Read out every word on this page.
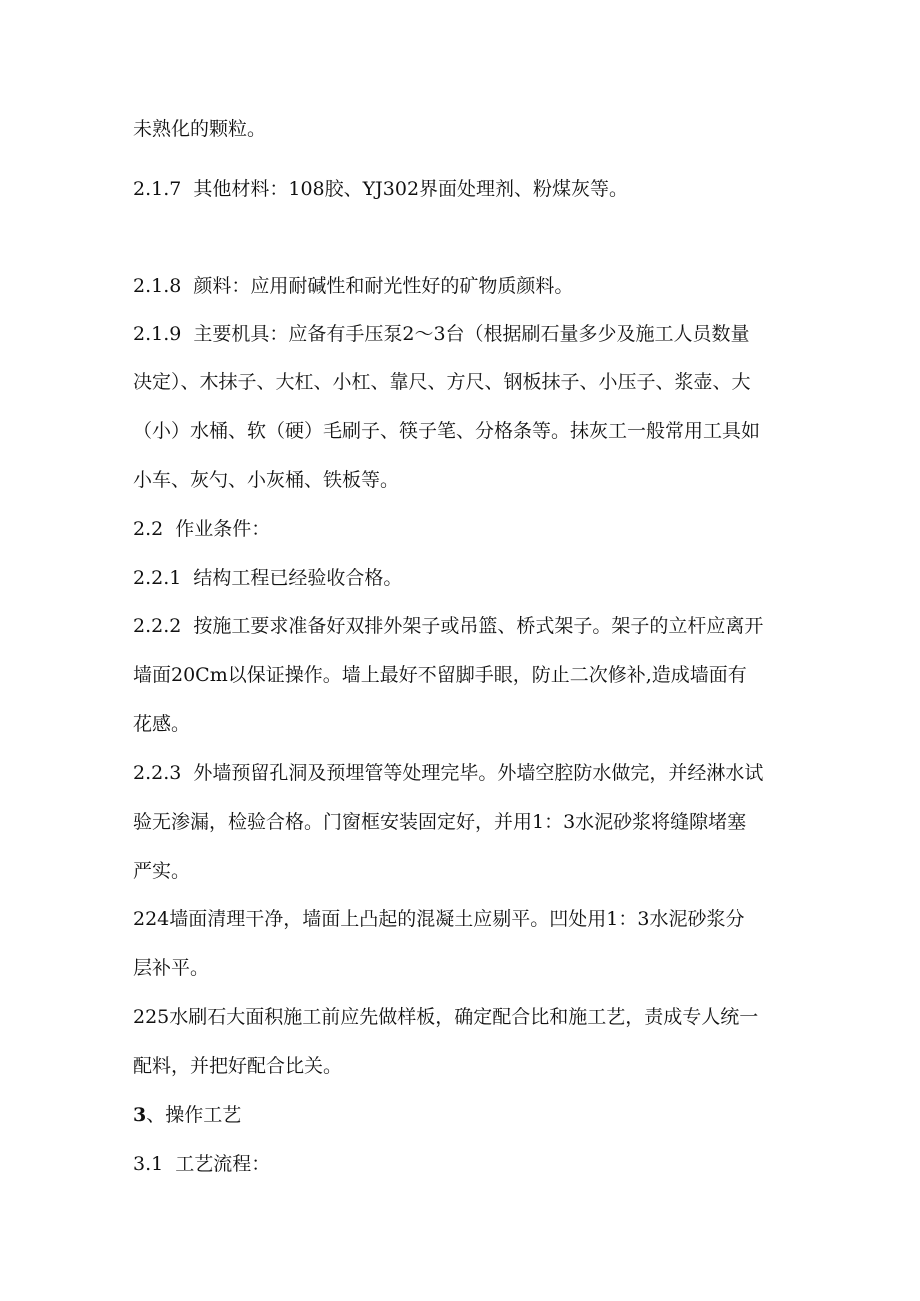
未熟化的颗粒。
2.1.7 其他材料：108胶、YJ302界面处理剂、粉煤灰等。
2.1.8 颜料：应用耐碱性和耐光性好的矿物质颜料。
2.1.9 主要机具：应备有手压泵2～3台（根据刷石量多少及施工人员数量
决定）、木抹子、大杠、小杠、靠尺、方尺、钢板抹子、小压子、浆壶、大
（小）水桶、软（硬）毛刷子、筷子笔、分格条等。抹灰工一般常用工具如
小车、灰勺、小灰桶、铁板等。
2.2 作业条件：
2.2.1 结构工程已经验收合格。
2.2.2 按施工要求准备好双排外架子或吊篮、桥式架子。架子的立杆应离开
墙面20Cm以保证操作。墙上最好不留脚手眼，防止二次修补,造成墙面有
花感。
2.2.3 外墙预留孔洞及预埋管等处理完毕。外墙空腔防水做完，并经淋水试
验无渗漏，检验合格。门窗框安装固定好，并用1：3水泥砂浆将缝隙堵塞
严实。
224墙面清理干净，墙面上凸起的混凝土应剔平。凹处用1：3水泥砂浆分
层补平。
225水刷石大面积施工前应先做样板，确定配合比和施工艺，责成专人统一
配料，并把好配合比关。
3、操作工艺
3.1 工艺流程：
